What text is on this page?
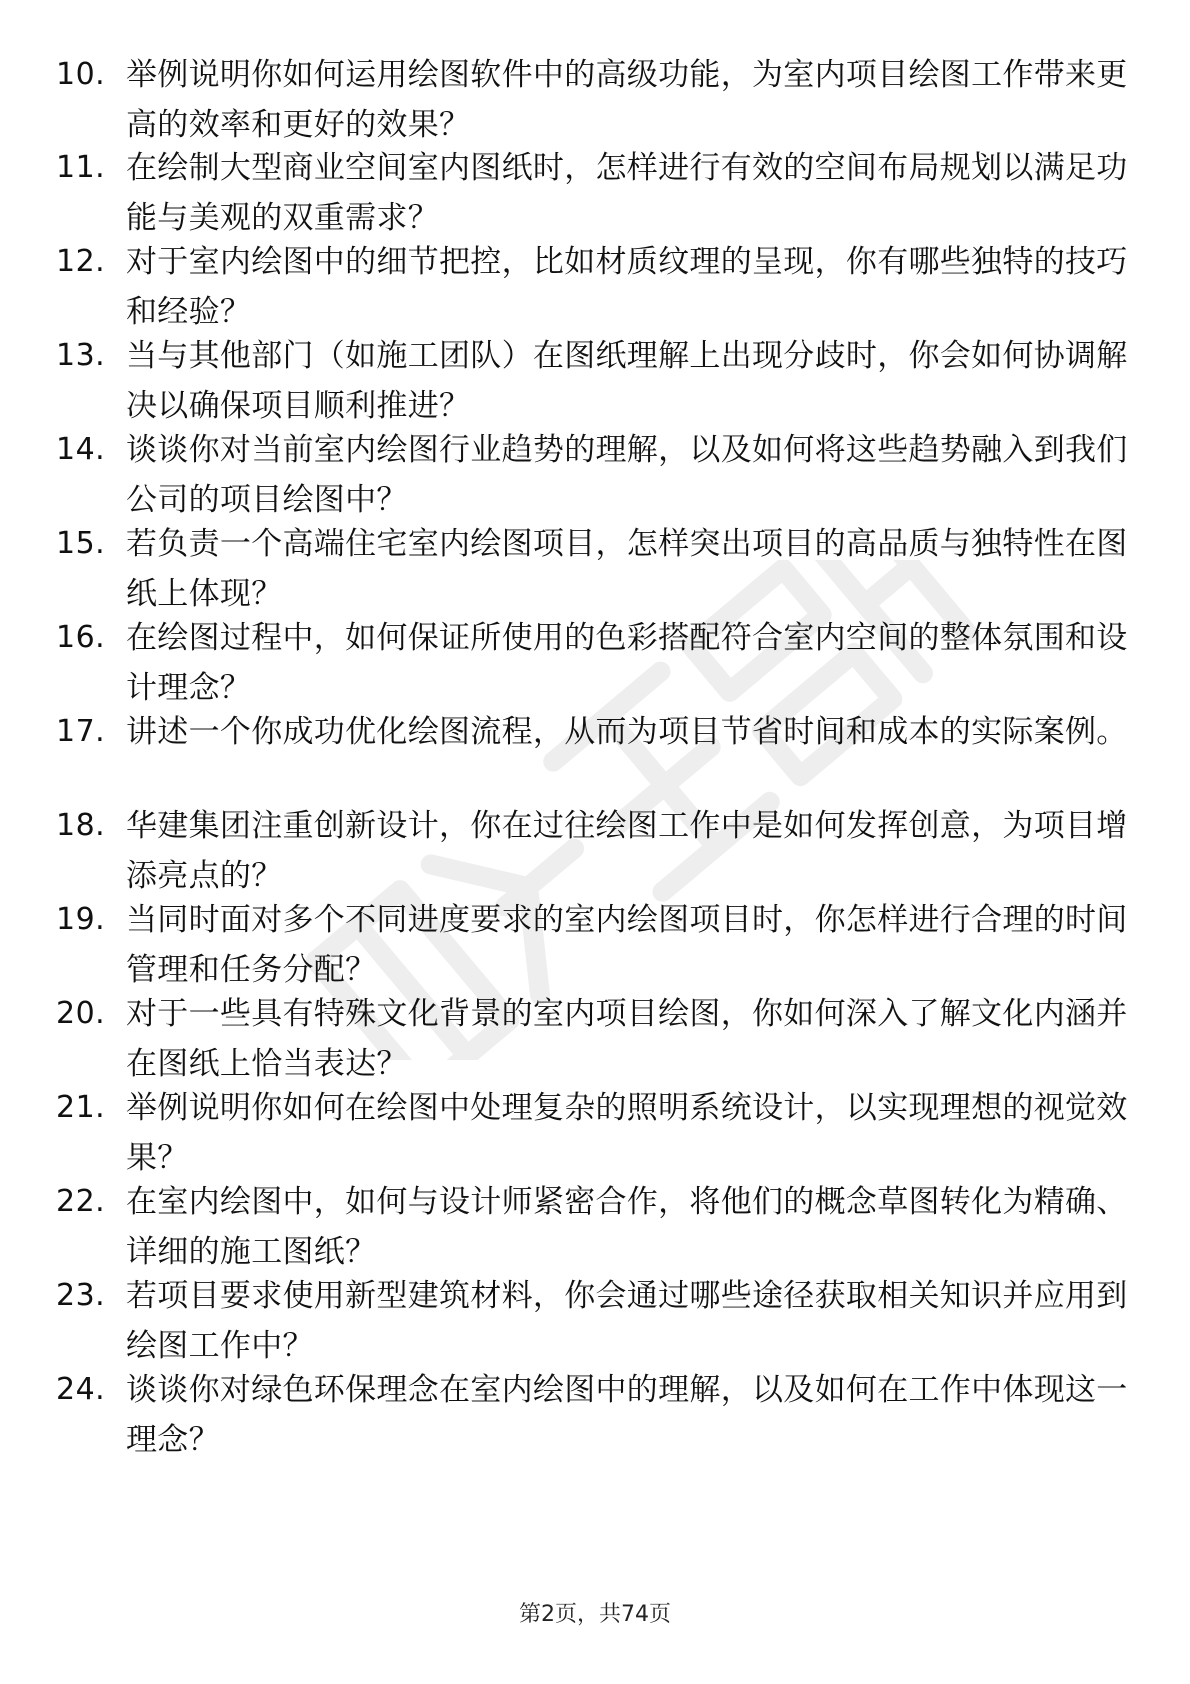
10. 举例说明你如何运用绘图软件中的高级功能，为室内项目绘图工作带来更高的效率和更好的效果？
11. 在绘制大型商业空间室内图纸时，怎样进行有效的空间布局规划以满足功能与美观的双重需求？
12. 对于室内绘图中的细节把控，比如材质纹理的呈现，你有哪些独特的技巧和经验？
13. 当与其他部门（如施工团队）在图纸理解上出现分歧时，你会如何协调解决以确保项目顺利推进？
14. 谈谈你对当前室内绘图行业趋势的理解，以及如何将这些趋势融入到我们公司的项目绘图中？
15. 若负责一个高端住宅室内绘图项目，怎样突出项目的高品质与独特性在图纸上体现？
16. 在绘图过程中，如何保证所使用的色彩搭配符合室内空间的整体氛围和设计理念？
17. 讲述一个你成功优化绘图流程，从而为项目节省时间和成本的实际案例。
18. 华建集团注重创新设计，你在过往绘图工作中是如何发挥创意，为项目增添亮点的？
19. 当同时面对多个不同进度要求的室内绘图项目时，你怎样进行合理的时间管理和任务分配？
20. 对于一些具有特殊文化背景的室内项目绘图，你如何深入了解文化内涵并在图纸上恰当表达？
21. 举例说明你如何在绘图中处理复杂的照明系统设计，以实现理想的视觉效果？
22. 在室内绘图中，如何与设计师紧密合作，将他们的概念草图转化为精确、详细的施工图纸？
23. 若项目要求使用新型建筑材料，你会通过哪些途径获取相关知识并应用到绘图工作中？
24. 谈谈你对绿色环保理念在室内绘图中的理解，以及如何在工作中体现这一理念？
第2页，共74页
